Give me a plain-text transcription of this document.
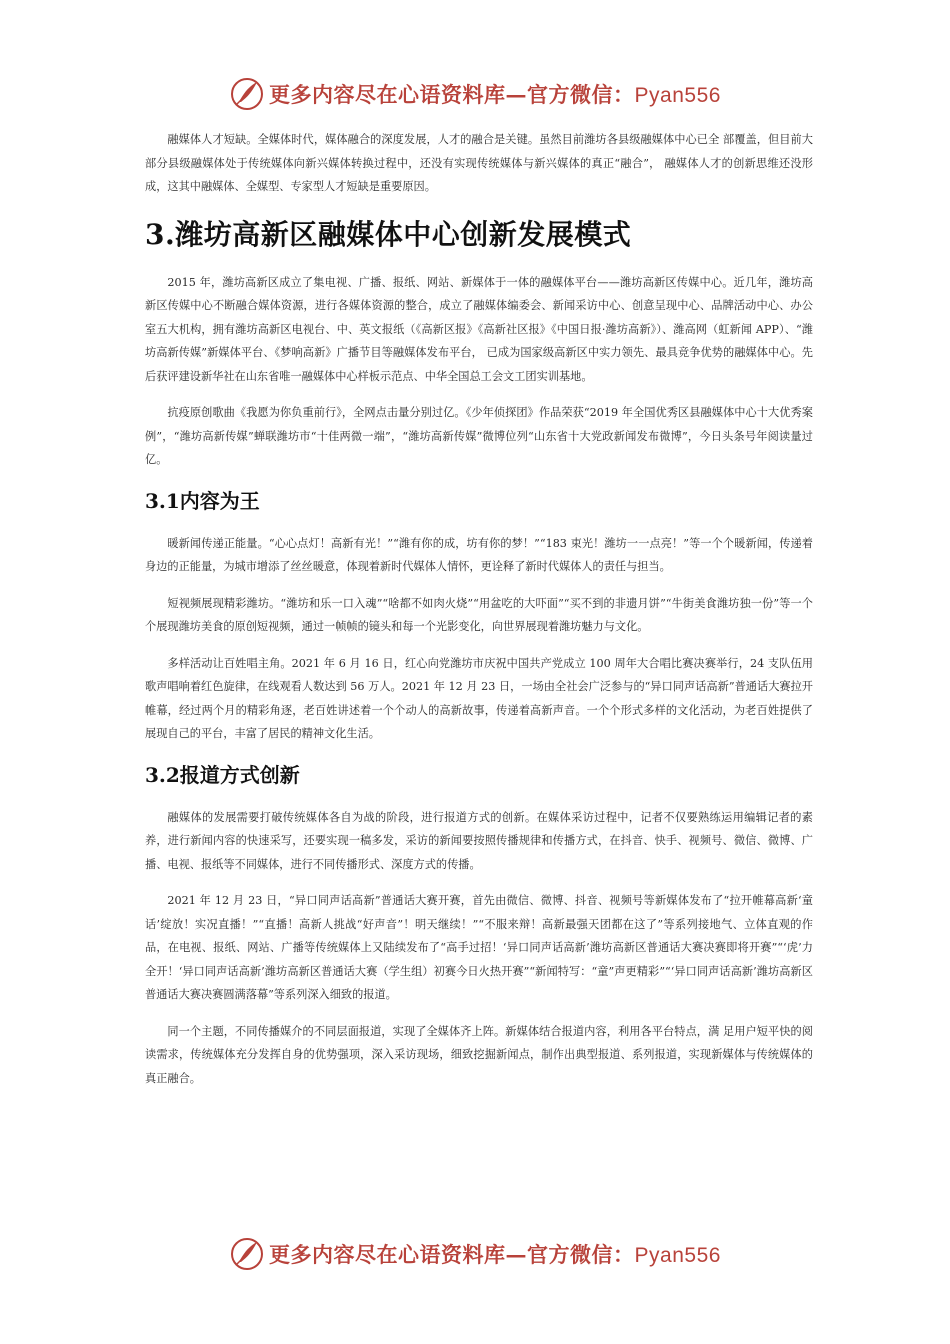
更多内容尽在心语资料库—官方微信：Pyan556

融媒体人才短缺。全媒体时代，媒体融合的深度发展，人才的融合是关键。虽然目前潍坊各县级融媒体中心已全 部覆盖，但目前大部分县级融媒体处于传统媒体向新兴媒体转换过程中，还没有实现传统媒体与新兴媒体的真正“融合”， 融媒体人才的创新思维还没形成，这其中融媒体、全媒型、专家型人才短缺是重要原因。

3.潍坊高新区融媒体中心创新发展模式

2015 年，潍坊高新区成立了集电视、广播、报纸、网站、新媒体于一体的融媒体平台——潍坊高新区传媒中心。近几年，潍坊高新区传媒中心不断融合媒体资源，进行各媒体资源的整合，成立了融媒体编委会、新闻采访中心、创意呈现中心、品牌活动中心、办公室五大机构，拥有潍坊高新区电视台、中、英文报纸（《高新区报》《高新社区报》《中国日报·潍坊高新》）、潍高网（虹新闻 APP）、“潍坊高新传媒”新媒体平台、《梦响高新》广播节目等融媒体发布平台， 已成为国家级高新区中实力领先、最具竞争优势的融媒体中心。先后获评建设新华社在山东省唯一融媒体中心样板示范点、中华全国总工会文工团实训基地。

抗疫原创歌曲《我愿为你负重前行》，全网点击量分别过亿。《少年侦探团》作品荣获“2019 年全国优秀区县融媒体中心十大优秀案例”，“潍坊高新传媒”蝉联潍坊市“十佳两微一端”，“潍坊高新传媒”微博位列“山东省十大党政新闻发布微博”，今日头条号年阅读量过亿。

3.1内容为王

暖新闻传递正能量。“心心点灯！高新有光！”“潍有你的成，坊有你的梦！”“183 束光！潍坊一一点亮！”等一个个暖新闻，传递着身边的正能量，为城市增添了丝丝暖意，体现着新时代媒体人情怀，更诠释了新时代媒体人的责任与担当。

短视频展现精彩潍坊。“潍坊和乐一口入魂”“啥都不如肉火烧”“用盆吃的大吓面”“买不到的非遗月饼”“牛街美食潍坊独一份”等一个个展现潍坊美食的原创短视频，通过一帧帧的镜头和每一个光影变化，向世界展现着潍坊魅力与文化。

多样活动让百姓唱主角。2021 年 6 月 16 日，红心向党潍坊市庆祝中国共产党成立 100 周年大合唱比赛决赛举行，24 支队伍用歌声唱响着红色旋律，在线观看人数达到 56 万人。2021 年 12 月 23 日，一场由全社会广泛参与的“异口同声话高新”普通话大赛拉开帷幕，经过两个月的精彩角逐，老百姓讲述着一个个动人的高新故事，传递着高新声音。一个个形式多样的文化活动，为老百姓提供了展现自己的平台，丰富了居民的精神文化生活。

3.2报道方式创新

融媒体的发展需要打破传统媒体各自为战的阶段，进行报道方式的创新。在媒体采访过程中，记者不仅要熟练运用编辑记者的素养，进行新闻内容的快速采写，还要实现一稿多发，采访的新闻要按照传播规律和传播方式，在抖音、快手、视频号、微信、微博、广播、电视、报纸等不同媒体，进行不同传播形式、深度方式的传播。

2021 年 12 月 23 日，“异口同声话高新”普通话大赛开赛，首先由微信、微博、抖音、视频号等新媒体发布了“拉开帷幕高新‘童话’绽放！实况直播！”“直播！高新人挑战“好声音”！明天继续！”“不服来辩！高新最强天团都在这了”等系列接地气、立体直观的作品，在电视、报纸、网站、广播等传统媒体上又陆续发布了“高手过招！‘异口同声话高新’潍坊高新区普通话大赛决赛即将开赛”“‘虎’力全开！‘异口同声话高新’潍坊高新区普通话大赛（学生组）初赛今日火热开赛”“新闻特写：“童”声更精彩”“‘异口同声话高新’潍坊高新区普通话大赛决赛圆满落幕”等系列深入细致的报道。

同一个主题，不同传播媒介的不同层面报道，实现了全媒体齐上阵。新媒体结合报道内容，利用各平台特点，满 足用户短平快的阅读需求，传统媒体充分发挥自身的优势强项，深入采访现场，细致挖掘新闻点，制作出典型报道、系列报道，实现新媒体与传统媒体的真正融合。

更多内容尽在心语资料库—官方微信：Pyan556
